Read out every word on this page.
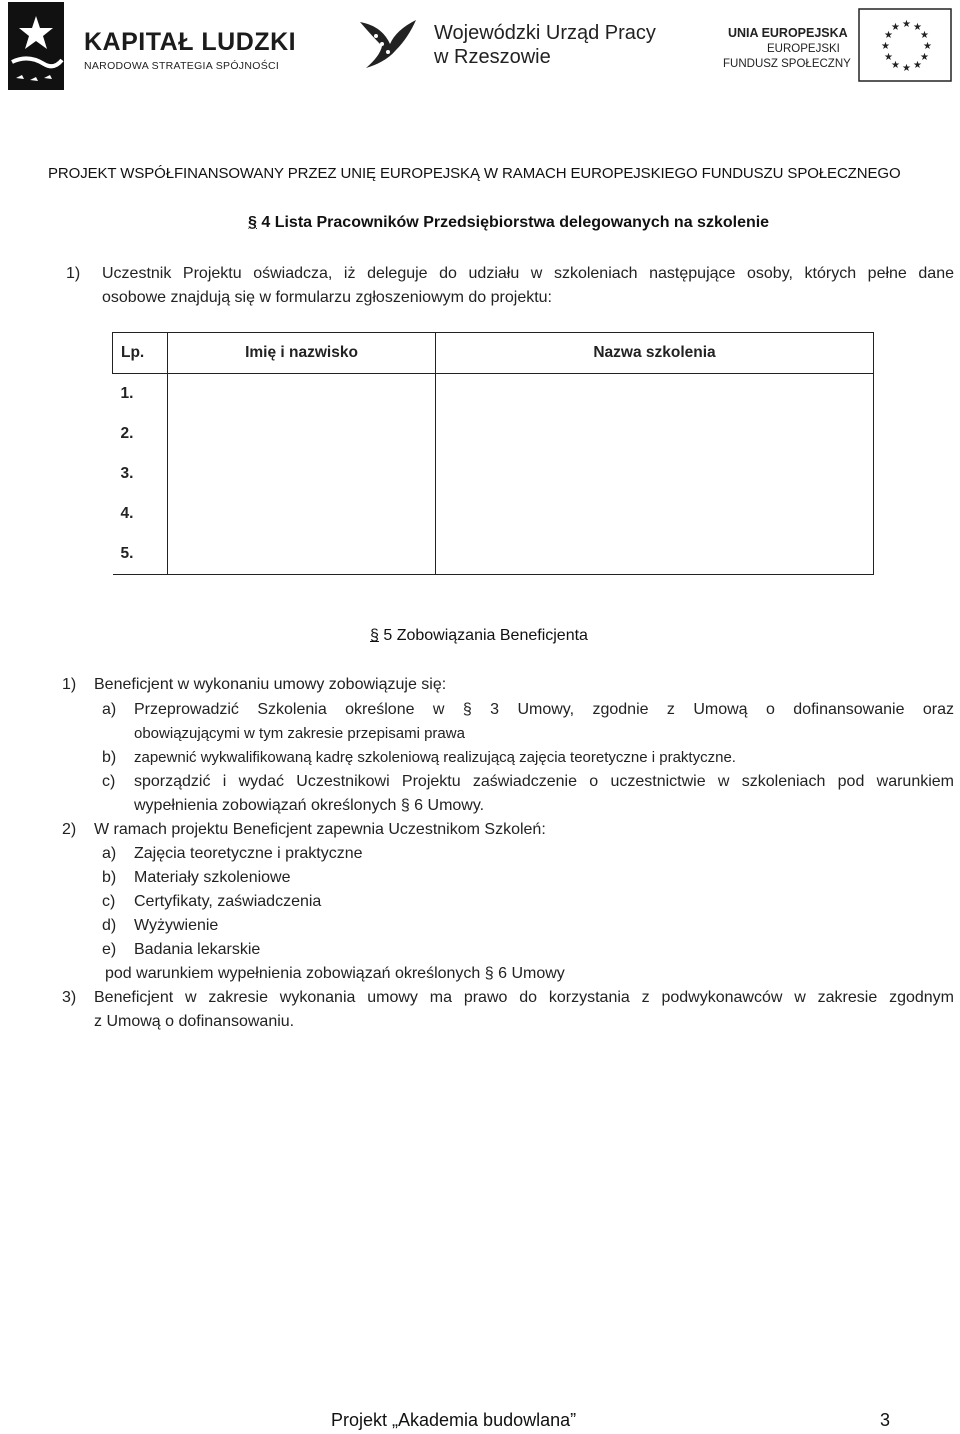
KAPITAŁ LUDZKI
NARODOWA STRATEGIA SPÓJNOŚCI
Wojewódzki Urząd Pracy
w Rzeszowie
UNIA EUROPEJSKA
EUROPEJSKI
FUNDUSZ SPOŁECZNY
★ ★
★
★
★
★
★
★
★
★
★
★
PROJEKT WSPÓŁFINANSOWANY PRZEZ UNIĘ EUROPEJSKĄ W RAMACH EUROPEJSKIEGO FUNDUSZU SPOŁECZNEGO
§ 4 Lista Pracowników Przedsiębiorstwa delegowanych na szkolenie
1) Uczestnik Projektu oświadcza, iż deleguje do udziału w szkoleniach następujące osoby, których pełne dane
osobowe znajdują się w formularzu zgłoszeniowym do projektu:
Lp.	Imię i nazwisko	Nazwa szkolenia
1.		
2.		
3.		
4.		
5.		
§ 5 Zobowiązania Beneficjenta
1) Beneficjent w wykonaniu umowy zobowiązuje się:
a) Przeprowadzić Szkolenia określone w § 3 Umowy, zgodnie z Umową o dofinansowanie oraz
obowiązującymi w tym zakresie przepisami prawa
b) zapewnić wykwalifikowaną kadrę szkoleniową realizującą zajęcia teoretyczne i praktyczne.
c) sporządzić i wydać Uczestnikowi Projektu zaświadczenie o uczestnictwie w szkoleniach pod warunkiem
wypełnienia zobowiązań określonych § 6 Umowy.
2) W ramach projektu Beneficjent zapewnia Uczestnikom Szkoleń:
a) Zajęcia teoretyczne i praktyczne
b) Materiały szkoleniowe
c) Certyfikaty, zaświadczenia
d) Wyżywienie
e) Badania lekarskie
pod warunkiem wypełnienia zobowiązań określonych § 6 Umowy
3) Beneficjent w zakresie wykonania umowy ma prawo do korzystania z podwykonawców w zakresie zgodnym
z Umową o dofinansowaniu.
Projekt „Akademia budowlana”	3
